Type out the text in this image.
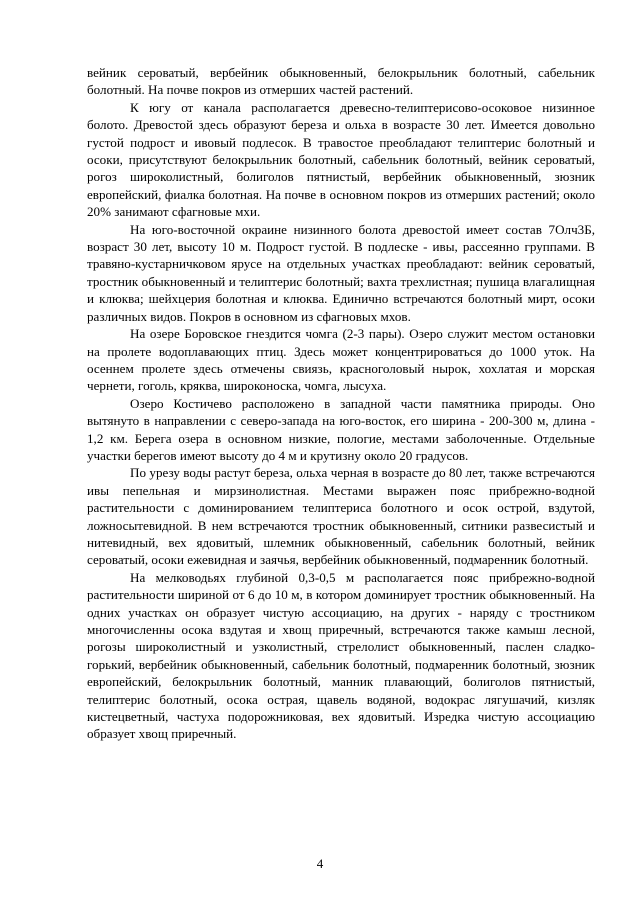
вейник сероватый, вербейник обыкновенный, белокрыльник болотный, сабельник болотный. На почве покров из отмерших частей растений.

К югу от канала располагается древесно-телиптерисово-осоковое низинное болото. Древостой здесь образуют береза и ольха в возрасте 30 лет. Имеется довольно густой подрост и ивовый подлесок. В травостое преобладают телиптерис болотный и осоки, присутствуют белокрыльник болотный, сабельник болотный, вейник сероватый, рогоз широколистный, болиголов пятнистый, вербейник обыкновенный, зюзник европейский, фиалка болотная. На почве в основном покров из отмерших растений; около 20% занимают сфагновые мхи.

На юго-восточной окраине низинного болота древостой имеет состав 7Олч3Б, возраст 30 лет, высоту 10 м. Подрост густой. В подлеске - ивы, рассеянно группами. В травяно-кустарничковом ярусе на отдельных участках преобладают: вейник сероватый, тростник обыкновенный и телиптерис болотный; вахта трехлистная; пушица влагалищная и клюква; шейхцерия болотная и клюква. Единично встречаются болотный мирт, осоки различных видов. Покров в основном из сфагновых мхов.

На озере Боровское гнездится чомга (2-3 пары). Озеро служит местом остановки на пролете водоплавающих птиц. Здесь может концентрироваться до 1000 уток. На осеннем пролете здесь отмечены свиязь, красноголовый нырок, хохлатая и морская чернети, гоголь, кряква, широконоска, чомга, лысуха.

Озеро Костичево расположено в западной части памятника природы. Оно вытянуто в направлении с северо-запада на юго-восток, его ширина - 200-300 м, длина - 1,2 км. Берега озера в основном низкие, пологие, местами заболоченные. Отдельные участки берегов имеют высоту до 4 м и крутизну около 20 градусов.

По урезу воды растут береза, ольха черная в возрасте до 80 лет, также встречаются ивы пепельная и мирзинолистная. Местами выражен пояс прибрежно-водной растительности с доминированием телиптериса болотного и осок острой, вздутой, ложносытевидной. В нем встречаются тростник обыкновенный, ситники развесистый и нитевидный, вех ядовитый, шлемник обыкновенный, сабельник болотный, вейник сероватый, осоки ежевидная и заячья, вербейник обыкновенный, подмаренник болотный.

На мелководьях глубиной 0,3-0,5 м располагается пояс прибрежно-водной растительности шириной от 6 до 10 м, в котором доминирует тростник обыкновенный. На одних участках он образует чистую ассоциацию, на других - наряду с тростником многочисленны осока вздутая и хвощ приречный, встречаются также камыш лесной, рогозы широколистный и узколистный, стрелолист обыкновенный, паслен сладко-горький, вербейник обыкновенный, сабельник болотный, подмаренник болотный, зюзник европейский, белокрыльник болотный, манник плавающий, болиголов пятнистый, телиптерис болотный, осока острая, щавель водяной, водокрас лягушачий, кизляк кистецветный, частуха подорожниковая, вех ядовитый. Изредка чистую ассоциацию образует хвощ приречный.

4
